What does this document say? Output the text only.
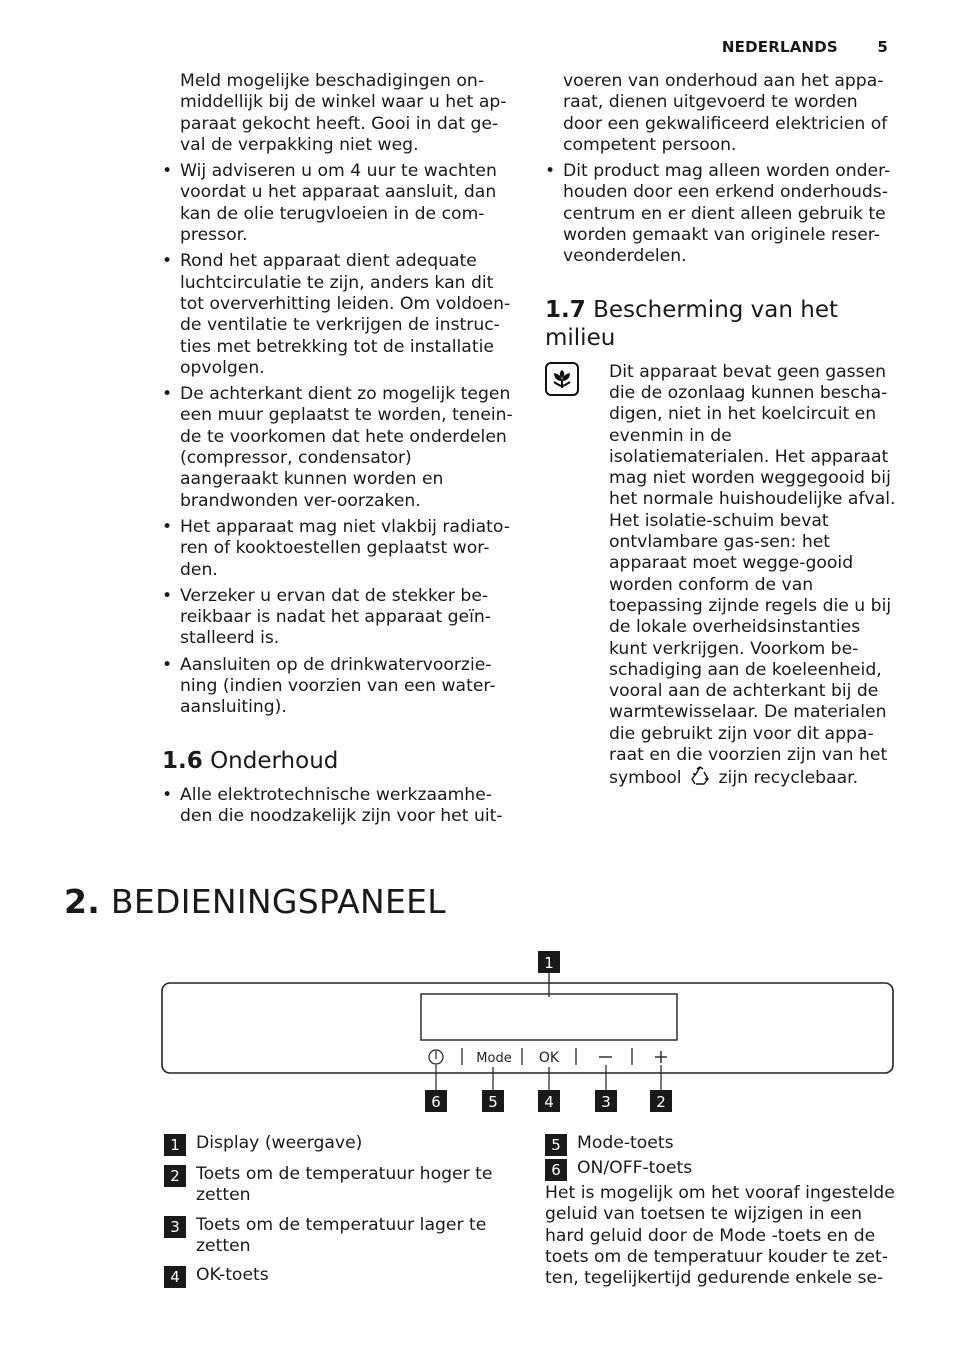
NEDERLANDS	5

Meld mogelijke beschadigingen on-middellijk bij de winkel waar u het ap-paraat gekocht heeft. Gooi in dat ge-val de verpakking niet weg.

• Wij adviseren u om 4 uur te wachten voordat u het apparaat aansluit, dan kan de olie terugvloeien in de com-pressor.
• Rond het apparaat dient adequate luchtcirculatie te zijn, anders kan dit tot oververhitting leiden. Om voldoen-de ventilatie te verkrijgen de instruc-ties met betrekking tot de installatie opvolgen.
• De achterkant dient zo mogelijk tegen een muur geplaatst te worden, tenein-de te voorkomen dat hete onderdelen (compressor, condensator) aangeraakt kunnen worden en brandwonden ver-oorzaken.
• Het apparaat mag niet vlakbij radiato-ren of kooktoestellen geplaatst wor-den.
• Verzeker u ervan dat de stekker be-reikbaar is nadat het apparaat geïn-stalleerd is.
• Aansluiten op de drinkwatervoorzie-ning (indien voorzien van een water-aansluiting).
1.6 Onderhoud
• Alle elektrotechnische werkzaamhe-den die noodzakelijk zijn voor het uit-

voeren van onderhoud aan het appa-raat, dienen uitgevoerd te worden door een gekwalificeerd elektricien of competent persoon.

• Dit product mag alleen worden onder-houden door een erkend onderhouds-centrum en er dient alleen gebruik te worden gemaakt van originele reser-veonderdelen.
1.7 Bescherming van het milieu
Dit apparaat bevat geen gassen die de ozonlaag kunnen bescha-digen, niet in het koelcircuit en evenmin in de isolatiematerialen. Het apparaat mag niet worden weggegooid bij het normale huishoudelijke afval. Het isolatie-schuim bevat ontvlambare gas-sen: het apparaat moet wegge-gooid worden conform de van toepassing zijnde regels die u bij de lokale overheidsinstanties kunt verkrijgen. Voorkom be-schadiging aan de koeleenheid, vooral aan de achterkant bij de warmtewisselaar. De materialen die gebruikt zijn voor dit appa-raat en die voorzien zijn van het symbool zijn recyclebaar.
2. BEDIENINGSPANEEL
1
Mode OK
6	5	4	3	2
1 Display (weergave)
2 Toets om de temperatuur hoger te zetten
3 Toets om de temperatuur lager te zetten
4 OK-toets
5 Mode-toets
6 ON/OFF-toets

Het is mogelijk om het vooraf ingestelde geluid van toetsen te wijzigen in een hard geluid door de Mode -toets en de toets om de temperatuur kouder te zet-ten, tegelijkertijd gedurende enkele se-
